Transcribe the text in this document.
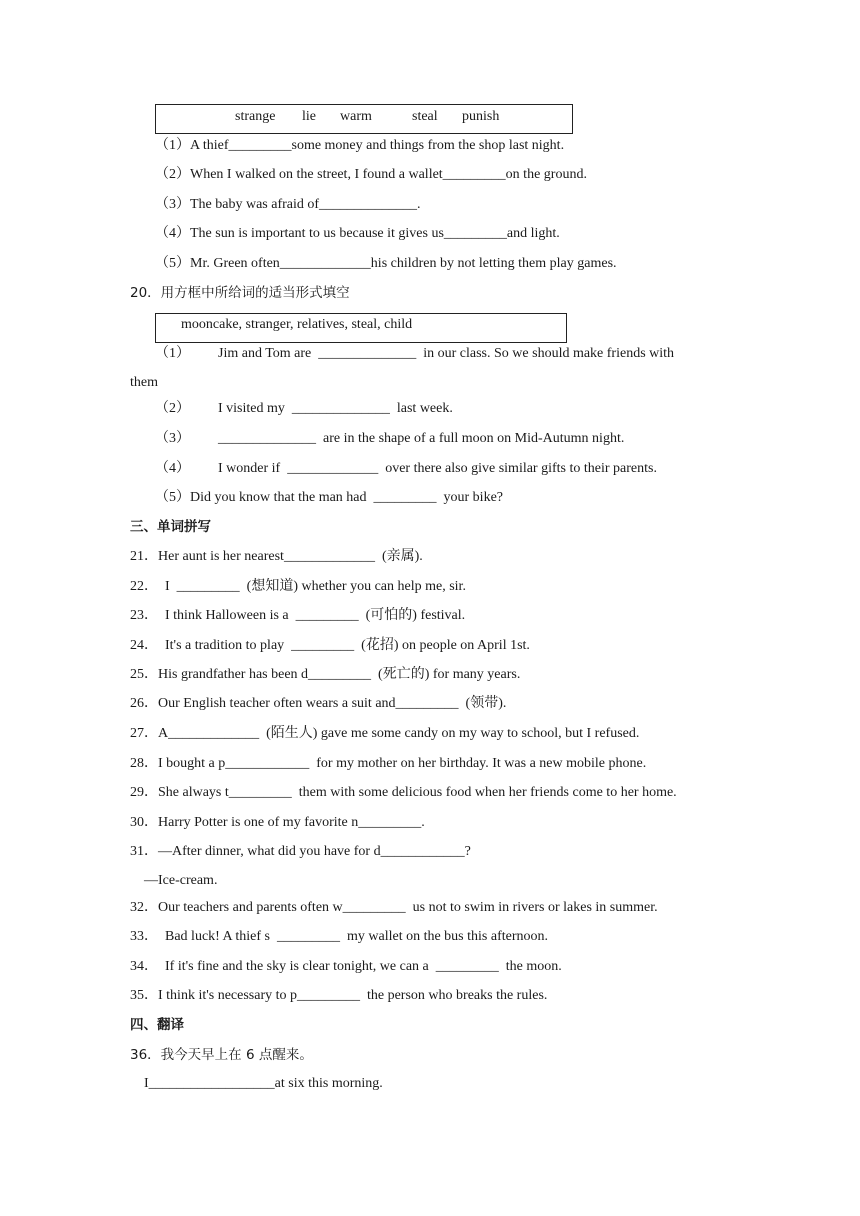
strange lie warm	steal punish
（1）A thief_________some money and things from the shop last night.
（2）When I walked on the street, I found a wallet_________on the ground.
（3）The baby was afraid of______________.
（4）The sun is important to us because it gives us_________and light.
（5）Mr. Green often_____________his children by not letting them play games.
20．用方框中所给词的适当形式填空
mooncake, stranger, relatives, steal, child
（1） Jim and Tom are  ______________  in our class. So we should make friends with
them
（2） I visited my  ______________  last week.
（3） ______________  are in the shape of a full moon on Mid-Autumn night.
（4） I wonder if  _____________  over there also give similar gifts to their parents.
（5）Did you know that the man had  _________  your bike?
三、单词拼写
21．Her aunt is her nearest_____________  (亲属).
22．  I  _________  (想知道) whether you can help me, sir.
23．  I think Halloween is a  _________  (可怕的) festival.
24．  It's a tradition to play  _________  (花招) on people on April 1st.
25．His grandfather has been d_________  (死亡的) for many years.
26．Our English teacher often wears a suit and_________  (领带).
27．A_____________  (陌生人) gave me some candy on my way to school, but I refused.
28．I bought a p____________  for my mother on her birthday. It was a new mobile phone.
29．She always t_________  them with some delicious food when her friends come to her home.
30．Harry Potter is one of my favorite n_________.
31．—After dinner, what did you have for d____________?
—Ice-cream.
32．Our teachers and parents often w_________  us not to swim in rivers or lakes in summer.
33．  Bad luck! A thief s  _________  my wallet on the bus this afternoon.
34．  If it's fine and the sky is clear tonight, we can a  _________  the moon.
35．I think it's necessary to p_________  the person who breaks the rules.
四、翻译
36．我今天早上在 6 点醒来。
I__________________at six this morning.
